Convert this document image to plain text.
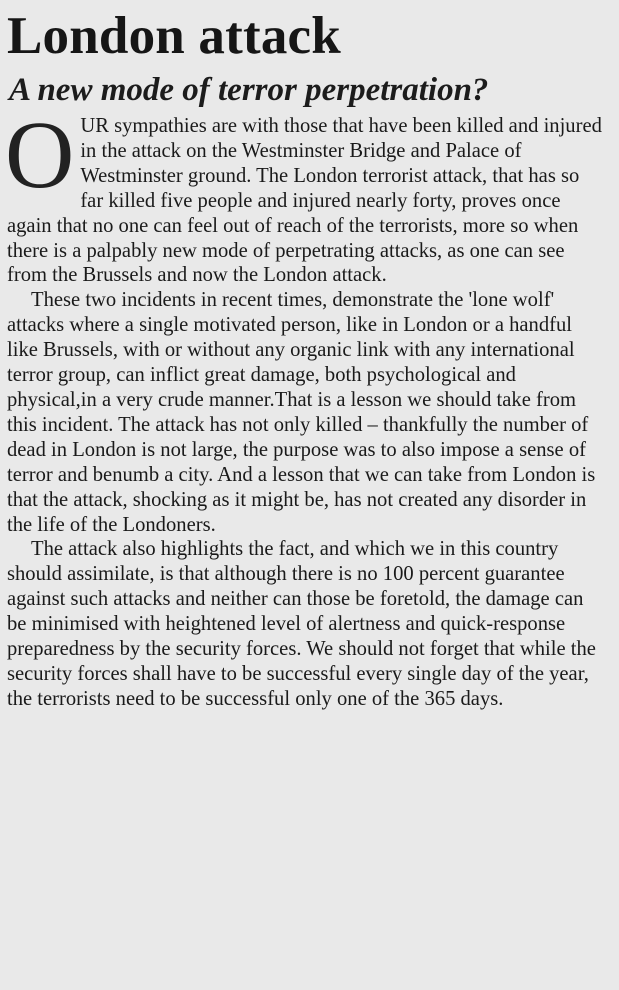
London attack
A new mode of terror perpetration?

O UR sympathies are with those that have been killed and injured in the attack on the Westminster Bridge and Palace of Westminster ground. The London terrorist attack, that has so far killed five people and injured nearly forty, proves once again that no one can feel out of reach of the terrorists, more so when there is a palpably new mode of perpetrating attacks, as one can see from the Brussels and now the London attack.

These two incidents in recent times, demonstrate the 'lone wolf' attacks where a single motivated person, like in London or a handful like Brussels, with or without any organic link with any international terror group, can inflict great damage, both psychological and physical,in a very crude manner.That is a lesson we should take from this incident. The attack has not only killed – thankfully the number of dead in London is not large, the purpose was to also impose a sense of terror and benumb a city. And a lesson that we can take from London is that the attack, shocking as it might be, has not created any disorder in the life of the Londoners.

The attack also highlights the fact, and which we in this country should assimilate, is that although there is no 100 percent guarantee against such attacks and neither can those be foretold, the damage can be minimised with heightened level of alertness and quick-response preparedness by the security forces. We should not forget that while the security forces shall have to be successful every single day of the year, the terrorists need to be successful only one of the 365 days.
